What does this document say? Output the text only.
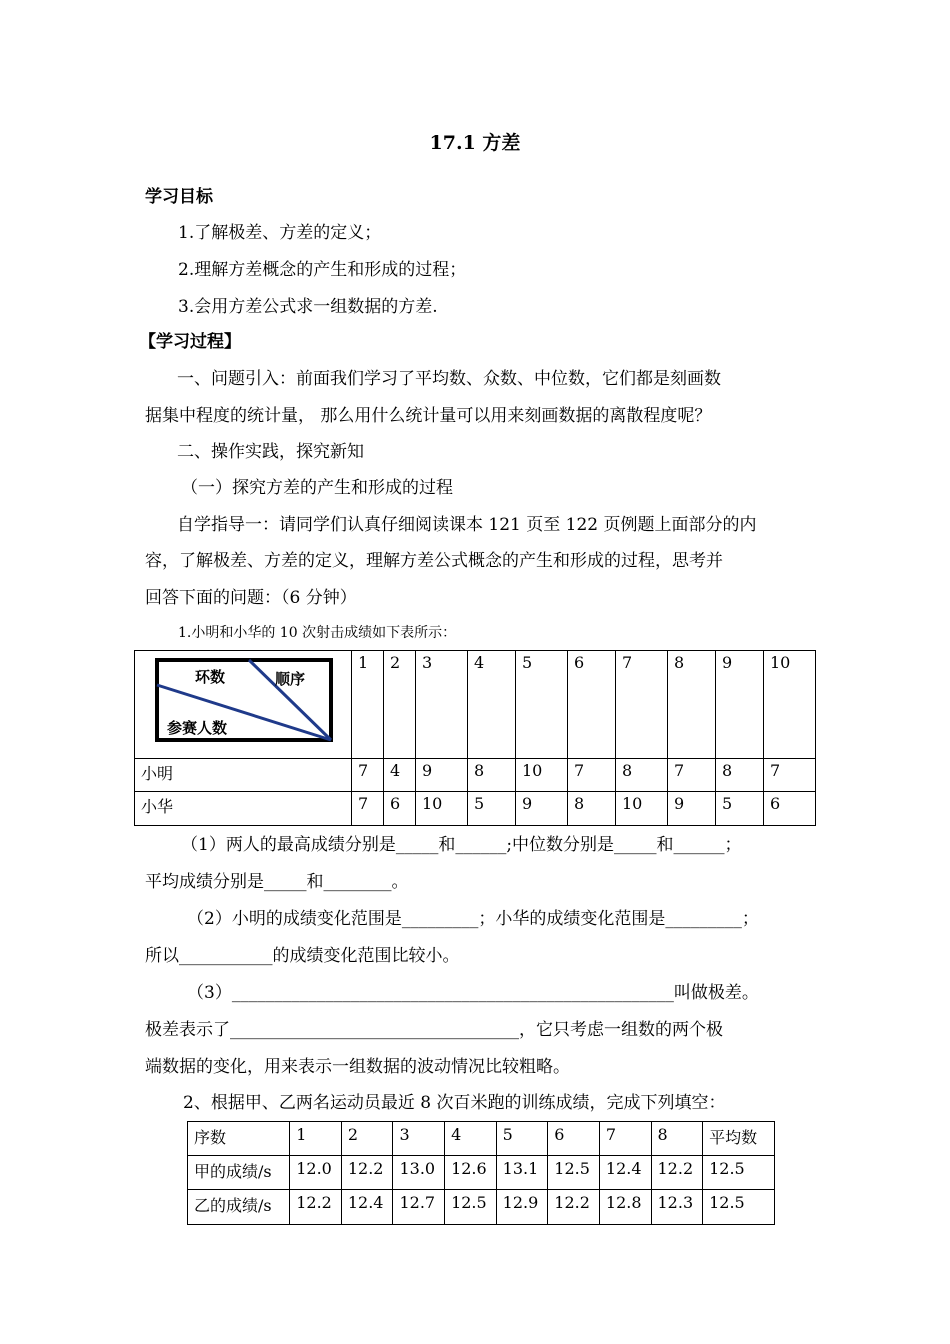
17.1 方差
学习目标
1.了解极差、方差的定义；
2.理解方差概念的产生和形成的过程；
3.会用方差公式求一组数据的方差.
【学习过程】
一、问题引入：前面我们学习了平均数、众数、中位数，它们都是刻画数
据集中程度的统计量， 那么用什么统计量可以用来刻画数据的离散程度呢？
二、操作实践，探究新知
（一）探究方差的产生和形成的过程
自学指导一：请同学们认真仔细阅读课本 121 页至 122 页例题上面部分的内
容，了解极差、方差的定义，理解方差公式概念的产生和形成的过程，思考并
回答下面的问题：（6 分钟）
1.小明和小华的 10 次射击成绩如下表所示：
环数 顺序
参赛人数	1	2	3	4	5	6	7	8	9	10
小明	7	4	9	8	10	7	8	7	8	7
小华	7	6	10	5	9	8	10	9	5	6
（1）两人的最高成绩分别是_____和______;中位数分别是_____和______；
平均成绩分别是_____和________。
（2）小明的成绩变化范围是_________；小华的成绩变化范围是_________；
所以___________的成绩变化范围比较小。
（3）____________________________________________________叫做极差。
极差表示了__________________________________，它只考虑一组数的两个极
端数据的变化，用来表示一组数据的波动情况比较粗略。
2、根据甲、乙两名运动员最近 8 次百米跑的训练成绩，完成下列填空：
序数	1	2	3	4	5	6	7	8	平均数
甲的成绩/s	12.0	12.2	13.0	12.6	13.1	12.5	12.4	12.2	12.5
乙的成绩/s	12.2	12.4	12.7	12.5	12.9	12.2	12.8	12.3	12.5
